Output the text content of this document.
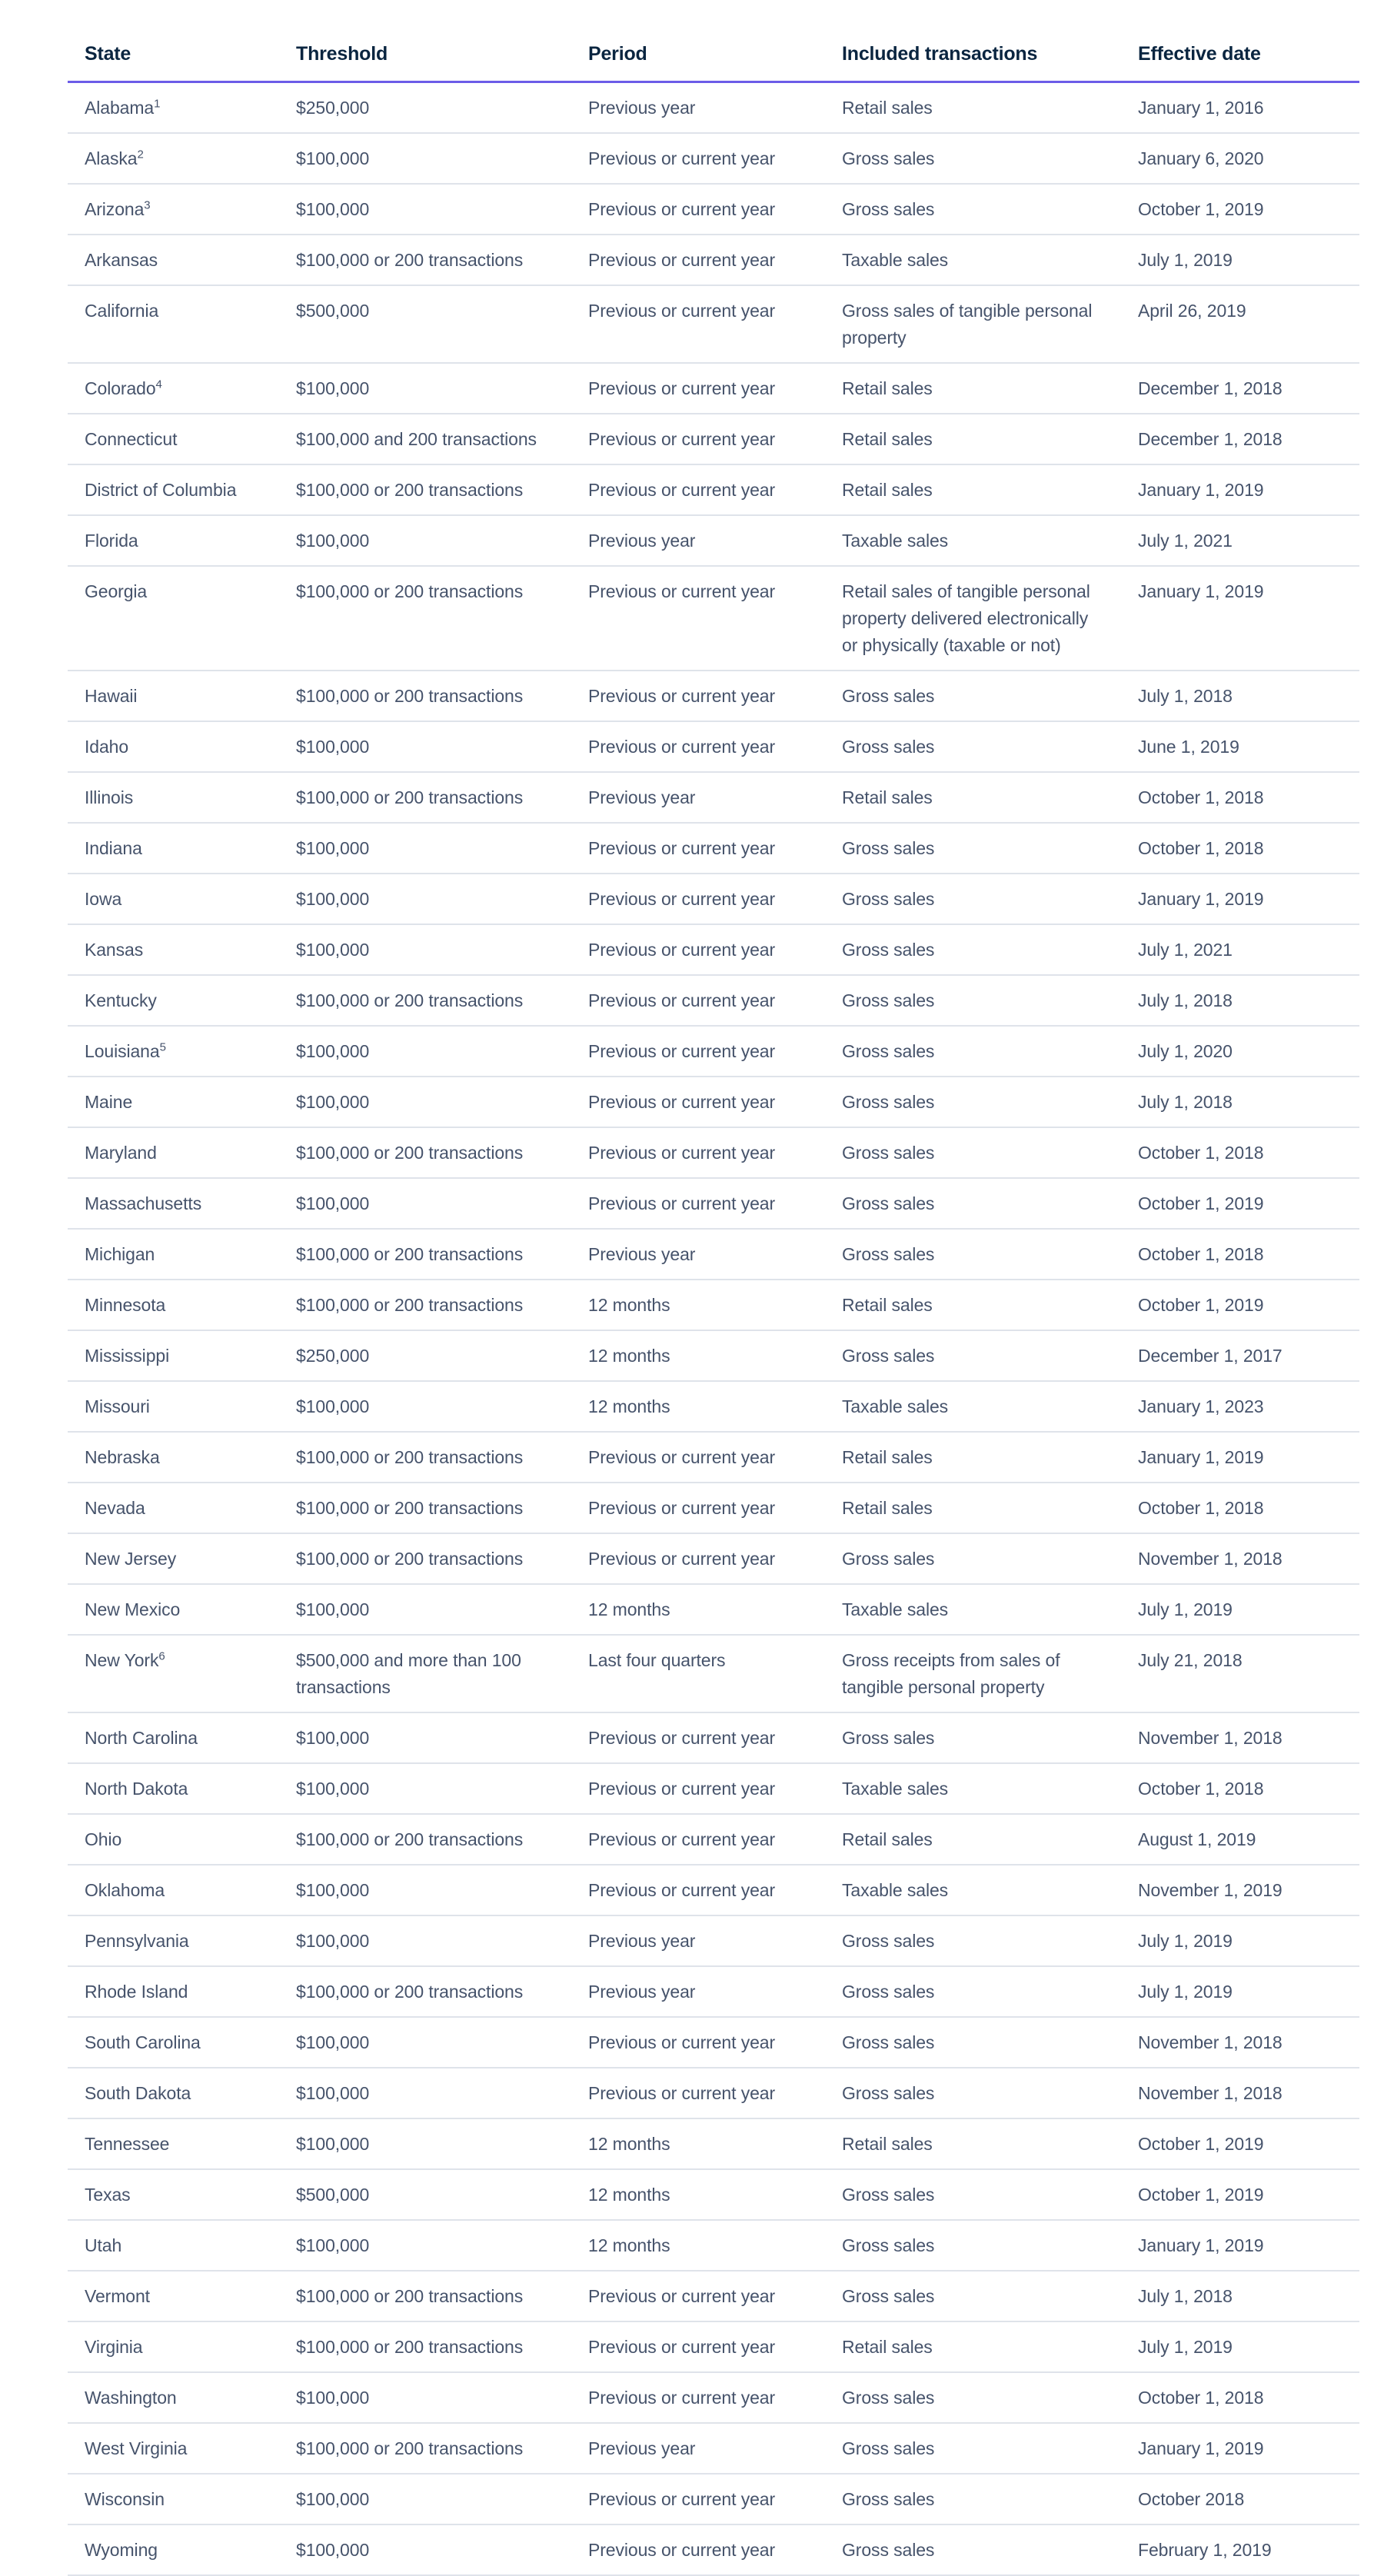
State	Threshold	Period	Included transactions	Effective date
Alabama$^1$	$250,000	Previous year	Retail sales	January 1, 2016
Alaska$^2$	$100,000	Previous or current year	Gross sales	January 6, 2020
Arizona$^3$	$100,000	Previous or current year	Gross sales	October 1, 2019
Arkansas	$100,000 or 200 transactions	Previous or current year	Taxable sales	July 1, 2019
California	$500,000	Previous or current year	Gross sales of tangible personal property	April 26, 2019
Colorado$^4$	$100,000	Previous or current year	Retail sales	December 1, 2018
Connecticut	$100,000 and 200 transactions	Previous or current year	Retail sales	December 1, 2018
District of Columbia	$100,000 or 200 transactions	Previous or current year	Retail sales	January 1, 2019
Florida	$100,000	Previous year	Taxable sales	July 1, 2021
Georgia	$100,000 or 200 transactions	Previous or current year	Retail sales of tangible personal property delivered electronically or physically (taxable or not)	January 1, 2019
Hawaii	$100,000 or 200 transactions	Previous or current year	Gross sales	July 1, 2018
Idaho	$100,000	Previous or current year	Gross sales	June 1, 2019
Illinois	$100,000 or 200 transactions	Previous year	Retail sales	October 1, 2018
Indiana	$100,000	Previous or current year	Gross sales	October 1, 2018
Iowa	$100,000	Previous or current year	Gross sales	January 1, 2019
Kansas	$100,000	Previous or current year	Gross sales	July 1, 2021
Kentucky	$100,000 or 200 transactions	Previous or current year	Gross sales	July 1, 2018
Louisiana$^5$	$100,000	Previous or current year	Gross sales	July 1, 2020
Maine	$100,000	Previous or current year	Gross sales	July 1, 2018
Maryland	$100,000 or 200 transactions	Previous or current year	Gross sales	October 1, 2018
Massachusetts	$100,000	Previous or current year	Gross sales	October 1, 2019
Michigan	$100,000 or 200 transactions	Previous year	Gross sales	October 1, 2018
Minnesota	$100,000 or 200 transactions	12 months	Retail sales	October 1, 2019
Mississippi	$250,000	12 months	Gross sales	December 1, 2017
Missouri	$100,000	12 months	Taxable sales	January 1, 2023
Nebraska	$100,000 or 200 transactions	Previous or current year	Retail sales	January 1, 2019
Nevada	$100,000 or 200 transactions	Previous or current year	Retail sales	October 1, 2018
New Jersey	$100,000 or 200 transactions	Previous or current year	Gross sales	November 1, 2018
New Mexico	$100,000	12 months	Taxable sales	July 1, 2019
New York$^6$	$500,000 and more than 100 transactions	Last four quarters	Gross receipts from sales of tangible personal property	July 21, 2018
North Carolina	$100,000	Previous or current year	Gross sales	November 1, 2018
North Dakota	$100,000	Previous or current year	Taxable sales	October 1, 2018
Ohio	$100,000 or 200 transactions	Previous or current year	Retail sales	August 1, 2019
Oklahoma	$100,000	Previous or current year	Taxable sales	November 1, 2019
Pennsylvania	$100,000	Previous year	Gross sales	July 1, 2019
Rhode Island	$100,000 or 200 transactions	Previous year	Gross sales	July 1, 2019
South Carolina	$100,000	Previous or current year	Gross sales	November 1, 2018
South Dakota	$100,000	Previous or current year	Gross sales	November 1, 2018
Tennessee	$100,000	12 months	Retail sales	October 1, 2019
Texas	$500,000	12 months	Gross sales	October 1, 2019
Utah	$100,000	12 months	Gross sales	January 1, 2019
Vermont	$100,000 or 200 transactions	Previous or current year	Gross sales	July 1, 2018
Virginia	$100,000 or 200 transactions	Previous or current year	Retail sales	July 1, 2019
Washington	$100,000	Previous or current year	Gross sales	October 1, 2018
West Virginia	$100,000 or 200 transactions	Previous year	Gross sales	January 1, 2019
Wisconsin	$100,000	Previous or current year	Gross sales	October 2018
Wyoming	$100,000	Previous or current year	Gross sales	February 1, 2019
